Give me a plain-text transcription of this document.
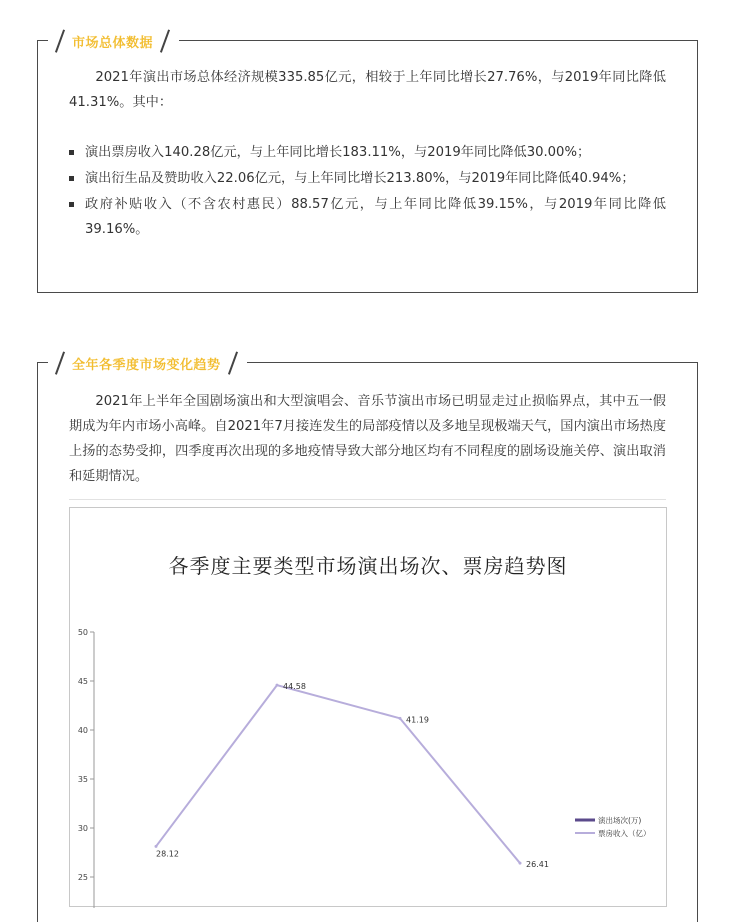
市场总体数据

2021年演出市场总体经济规模335.85亿元，相较于上年同比增长27.76%，与2019年同比降低41.31%。其中：

演出票房收入140.28亿元，与上年同比增长183.11%，与2019年同比降低30.00%；
演出衍生品及赞助收入22.06亿元，与上年同比增长213.80%，与2019年同比降低40.94%；
政府补贴收入（不含农村惠民）88.57亿元，与上年同比降低39.15%，与2019年同比降低39.16%。
全年各季度市场变化趋势

2021年上半年全国剧场演出和大型演唱会、音乐节演出市场已明显走过止损临界点，其中五一假期成为年内市场小高峰。自2021年7月接连发生的局部疫情以及多地呈现极端天气，国内演出市场热度上扬的态势受抑，四季度再次出现的多地疫情导致大部分地区均有不同程度的剧场设施关停、演出取消和延期情况。

各季度主要类型市场演出场次、票房趋势图
50
45
40
35
30
25
28.12
44.58
41.19
26.41
演出场次(万)
票房收入（亿）
